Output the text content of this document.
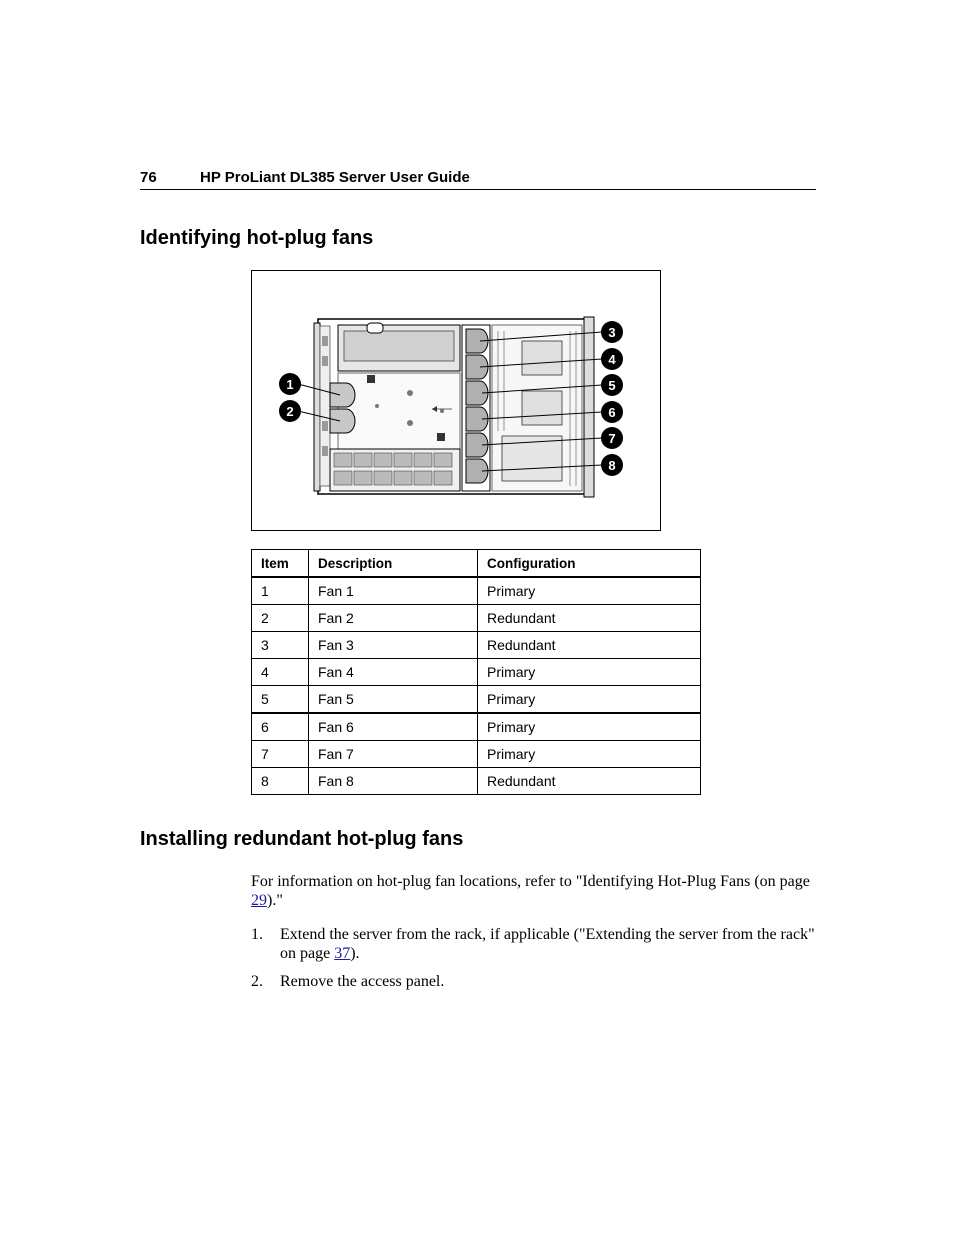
76	HP ProLiant DL385 Server User Guide
Identifying hot-plug fans
1
2
3
4
5
6
7
8
Item	Description	Configuration
1	Fan 1	Primary
2	Fan 2	Redundant
3	Fan 3	Redundant
4	Fan 4	Primary
5	Fan 5	Primary
6	Fan 6	Primary
7	Fan 7	Primary
8	Fan 8	Redundant
Installing redundant hot-plug fans
For information on hot-plug fan locations, refer to "Identifying Hot-Plug Fans (on page 29)."
1. Extend the server from the rack, if applicable ("Extending the server from the rack" on page 37).
2. Remove the access panel.
